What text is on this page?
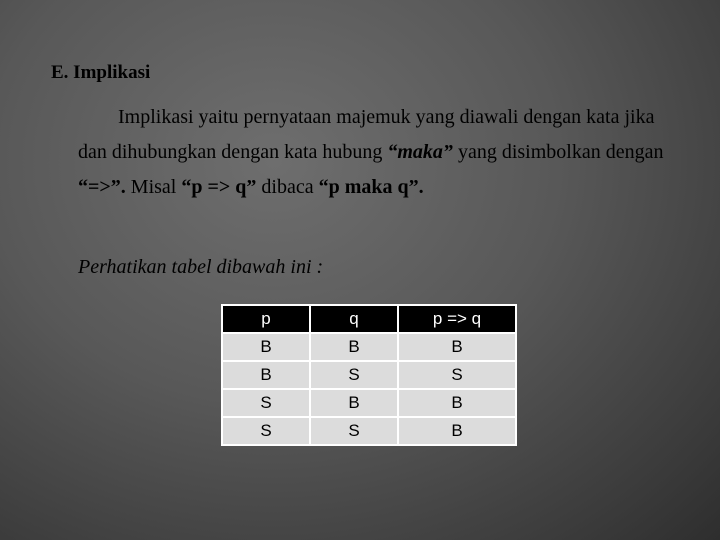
E. Implikasi
Implikasi yaitu pernyataan majemuk yang diawali dengan kata jika dan dihubungkan dengan kata hubung “maka” yang disimbolkan dengan “=>”. Misal “p => q” dibaca “p maka q”.
Perhatikan tabel dibawah ini :
p	q	p => q
B	B	B
B	S	S
S	B	B
S	S	B
